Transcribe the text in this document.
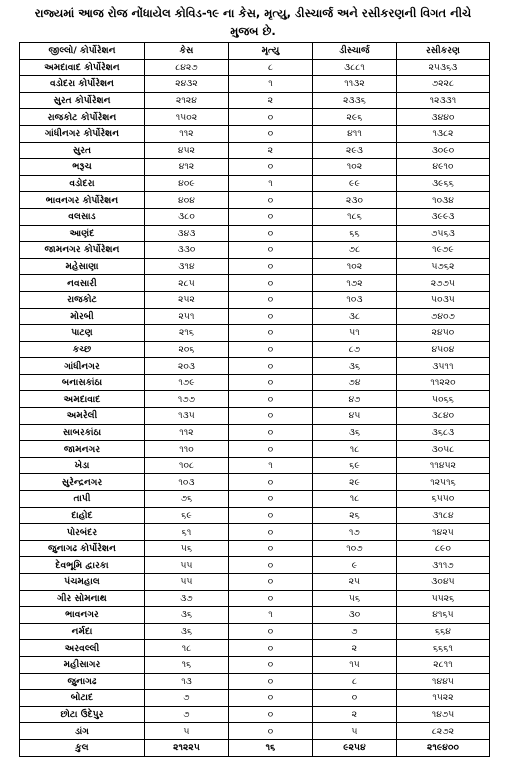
રાજ્યમાં આજ રોજ નોંધાયેલ કોવિડ-૧૯ ના કેસ, મૃત્યુ, ડીસ્ચાર્જ અને રસીકરણની વિગત નીચે
મુજબ છે.
જીલ્લો/ કોર્પોરેશન	કેસ	મૃત્યુ	ડીસ્ચાર્જ	રસીકરણ
અમદાવાદ કોર્પોરેશન	૮૪૨૭	૮	૩૮૮૧	૨૫૩૬૩
વડોદરા કોર્પોરેશન	૨૪૩૨	૧	૧૧૩૨	૭૨૨૮
સુરત કોર્પોરેશન	૨૧૨૪	૨	૨૩૩૬	૧૨૩૩૧
રાજકોટ કોર્પોરેશન	૧૫૦૨	૦	૨૯૬	૩૪૪૦
ગાંધીનગર કોર્પોરેશન	૧૧૨	૦	૪૧૧	૧૩૮૨
સુરત	૪૫૨	૨	૨૯૩	૩૦૯૦
ભરૂચ	૪૧૨	૦	૧૦૨	૪૯૧૦
વડોદરા	૪૦૯	૧	૯૯	૩૯૬૬
ભાવનગર કોર્પોરેશન	૪૦૪	૦	૨૩૦	૧૦૩૪
વલસાડ	૩૮૦	૦	૧૮૬	૩૯૯૩
આણંદ	૩૪૩	૦	૬૬	૭૫૬૩
જામનગર કોર્પોરેશન	૩૩૦	૦	૭૮	૧૯૭૯
મહેસાણા	૩૧૪	૦	૧૦૨	૫૭૬૨
નવસારી	૨૮૫	૦	૧૭૨	૨૭૭૫
રાજકોટ	૨૫૨	૦	૧૦૩	૫૦૩૫
મોરબી	૨૫૧	૦	૩૮	૭૪૦૭
પાટણ	૨૧૬	૦	૫૧	૨૪૫૦
કચ્છ	૨૦૬	૦	૮૭	૪૫૦૪
ગાંધીનગર	૨૦૩	૦	૩૬	૩૫૧૧
બનાસકાંઠા	૧૭૯	૦	૭૪	૧૧૨૨૦
અમદાવાદ	૧૭૭	૦	૪૭	૫૦૬૬
અમરેલી	૧૩૫	૦	૪૫	૩૮૪૦
સાબરકાંઠા	૧૧૨	૦	૩૬	૩૬૮૩
જામનગર	૧૧૦	૦	૧૮	૩૦૫૮
ખેડા	૧૦૮	૧	૬૯	૧૧૪૫૨
સુરેન્દ્રનગર	૧૦૩	૦	૨૯	૧૨૫૧૬
તાપી	૭૬	૦	૧૮	૬૫૫૦
દાહોદ	૬૯	૦	૨૬	૩૧૮૪
પોરબંદર	૬૧	૦	૧૭	૧૪૨૫
જુનાગઢ કોર્પોરેશન	૫૬	૦	૧૦૭	૮૯૦
દેવભૂમિ દ્વારકા	૫૫	૦	૯	૩૧૧૭
પંચમહાલ	૫૫	૦	૨૫	૩૦૪૫
ગીર સોમનાથ	૩૭	૦	૫૬	૫૫૨૬
ભાવનગર	૩૬	૧	૩૦	૪૧૬૫
નર્મદા	૩૬	૦	૭	૬૬૪
અરવલ્લી	૧૮	૦	૨	૬૬૬૧
મહીસાગર	૧૬	૦	૧૫	૨૮૧૧
જુનાગઢ	૧૩	૦	૮	૧૪૪૫
બોટાદ	૭	૦	૦	૧૫૨૨
છોટા ઉદેપુર	૭	૦	૨	૧૪૭૫
ડાંગ	૫	૦	૫	૮૨૭૨
કુલ	૨૧૨૨૫	૧૬	૯૨૫૪	૨૧૯૪૦૦
